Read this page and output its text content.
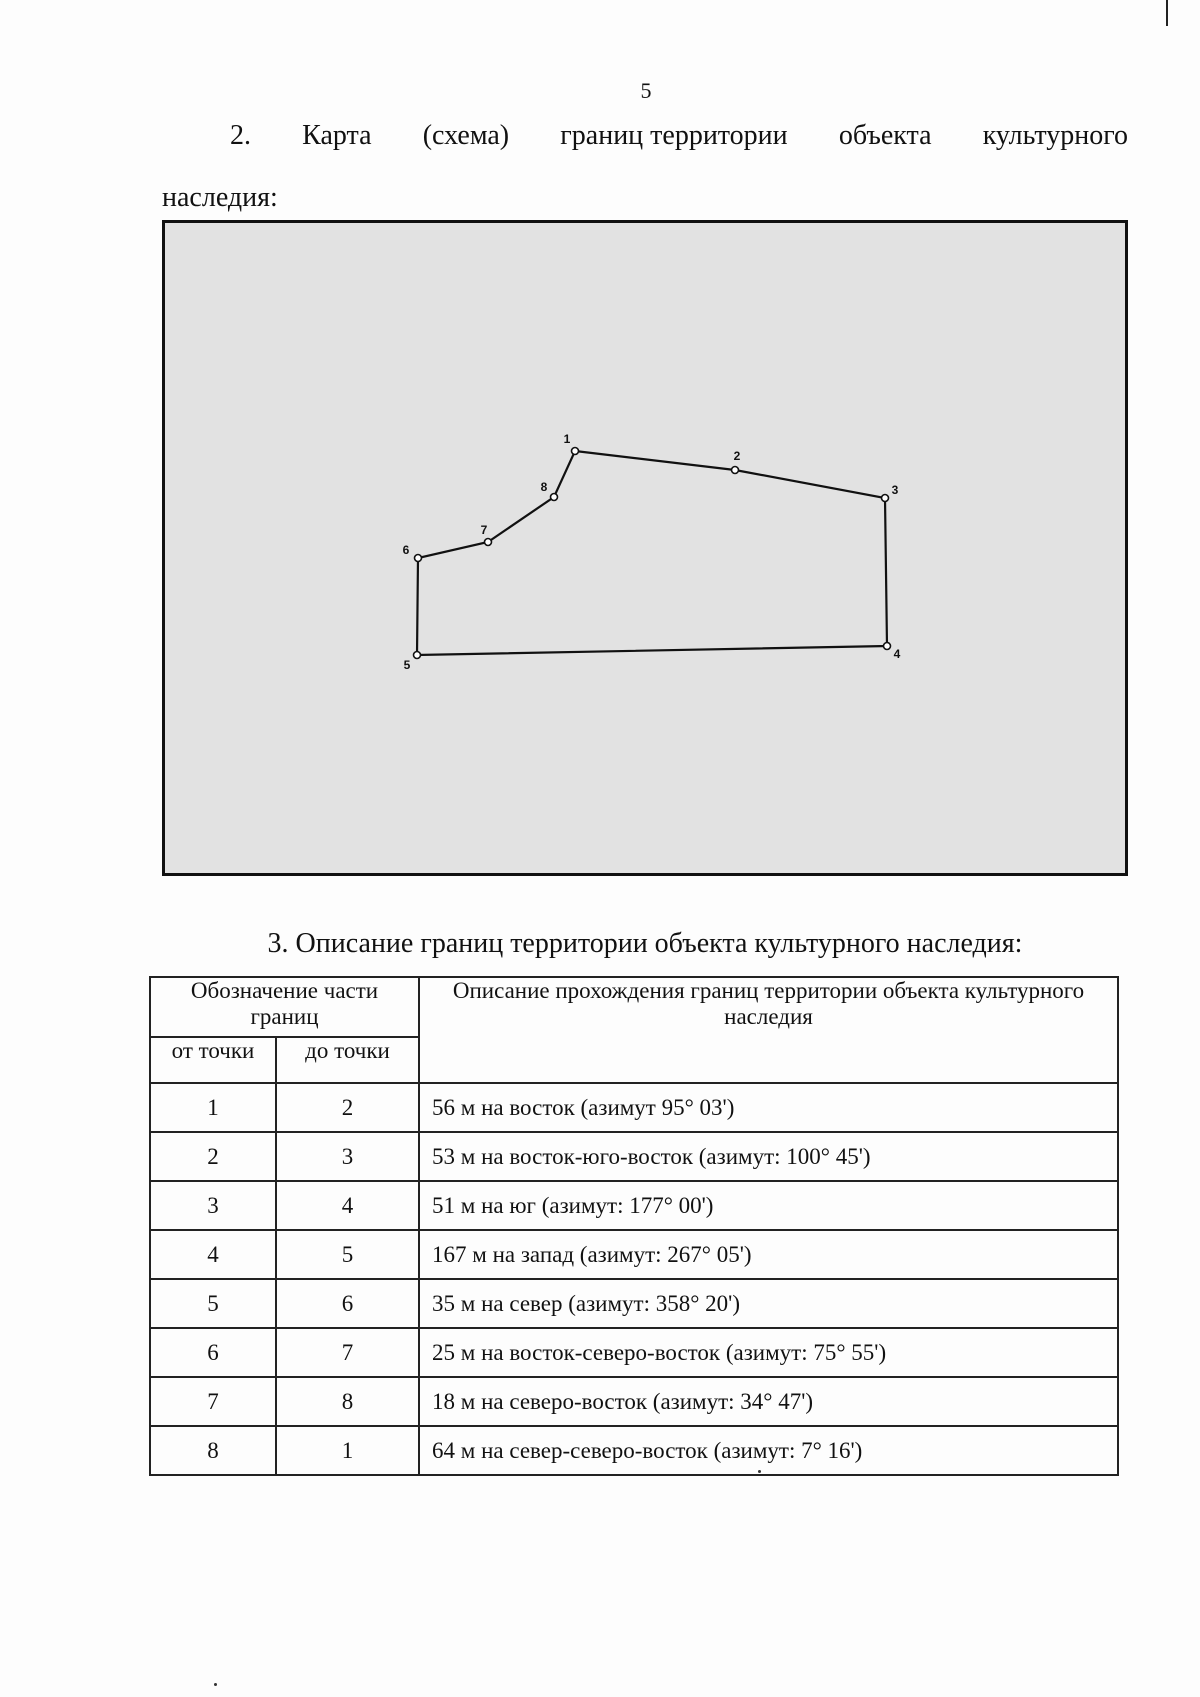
5
2. Карта (схема) границ территории объекта культурного
наследия:
1
2
3
4
5
6
7
8
3. Описание границ территории объекта культурного наследия:
Обозначение части границ		Описание прохождения границ территории объекта культурного наследия
от точки	до точки	
1	2	56 м на восток (азимут 95° 03')
2	3	53 м на восток-юго-восток (азимут: 100° 45')
3	4	51 м на юг (азимут: 177° 00')
4	5	167 м на запад (азимут: 267° 05')
5	6	35 м на север (азимут: 358° 20')
6	7	25 м на восток-северо-восток (азимут: 75° 55')
7	8	18 м на северо-восток (азимут: 34° 47')
8	1	64 м на север-северо-восток (азимут: 7° 16')
